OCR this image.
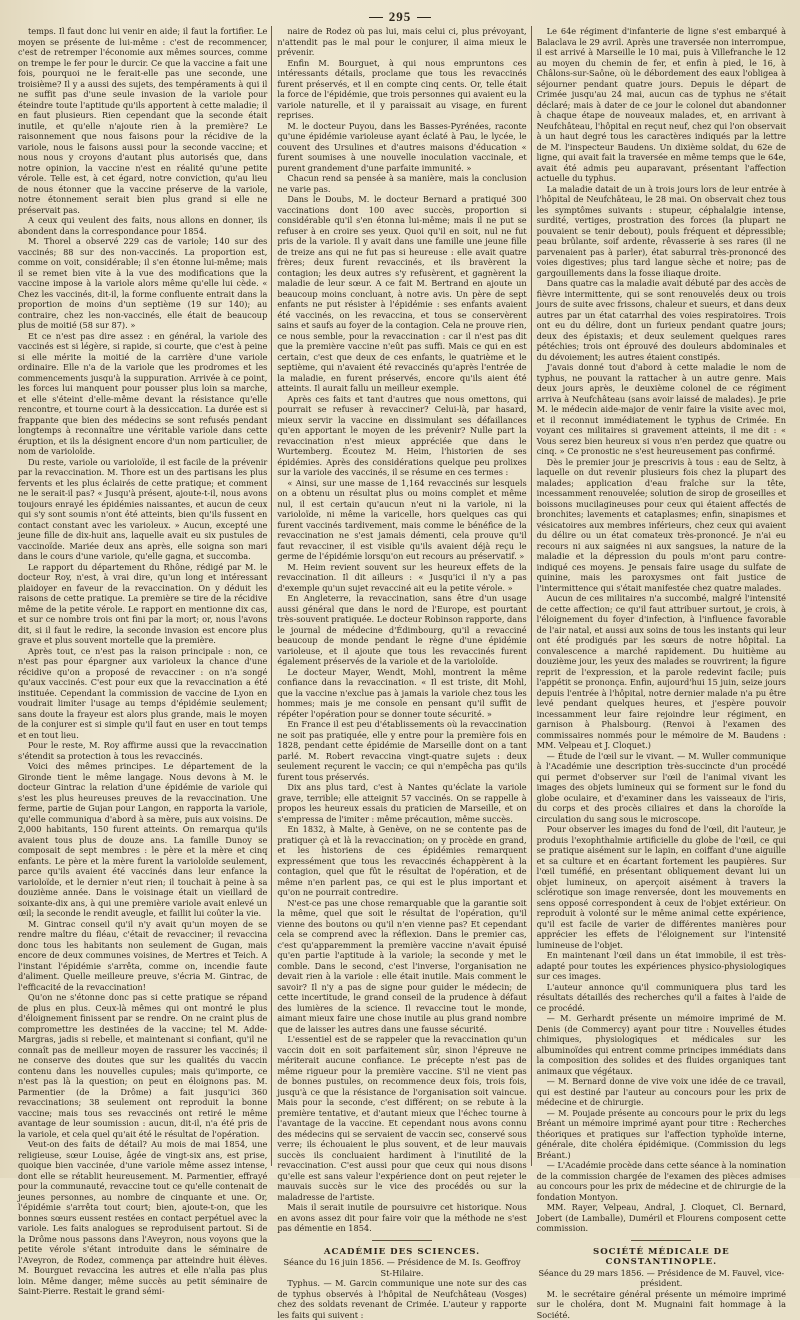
295

temps. Il faut donc lui venir en aide; il faut la fortifier. Le moyen se présente de lui-même : c'est de recommencer, c'est de retremper l'économie aux mêmes sources, comme on trempe le fer pour le durcir. Ce que la vaccine a fait une fois, pourquoi ne le ferait-elle pas une seconde, une troisième? Il y a aussi des sujets, des tempéraments à qui il ne suffit pas d'une seule invasion de la variole pour éteindre toute l'aptitude qu'ils apportent à cette maladie; il en faut plusieurs. Rien cependant que la seconde était inutile, et qu'elle n'ajoute rien à la première? Le raisonnement que nous faisons pour la récidive de la variole, nous le faisons aussi pour la seconde vaccine; et nous nous y croyons d'autant plus autorisés que, dans notre opinion, la vaccine n'est en réalité qu'une petite vérole. Telle est, à cet égard, notre conviction, qu'au lieu de nous étonner que la vaccine préserve de la variole, notre étonnement serait bien plus grand si elle ne préservait pas.

A ceux qui veulent des faits, nous allons en donner, ils abondent dans la correspondance pour 1854.

M. Thorel a observé 229 cas de variole; 140 sur des vaccinés; 88 sur des non-vaccinés. La proportion est, comme on voit, considérable; il s'en étonne lui-même; mais il se remet bien vite à la vue des modifications que la vaccine impose à la variole alors même qu'elle lui cède. « Chez les vaccinés, dit-il, la forme confluente entrait dans la proportion de moins d'un septième (19 sur 140); au contraire, chez les non-vaccinés, elle était de beaucoup plus de moitié (58 sur 87). »

Et ce n'est pas dire assez : en général, la variole des vaccinés est si légère, si rapide, si courte, que c'est à peine si elle mérite la moitié de la carrière d'une variole ordinaire. Elle n'a de la variole que les prodromes et les commencements jusqu'à la suppuration. Arrivée à ce point, les forces lui manquent pour pousser plus loin sa marche, et elle s'éteint d'elle-même devant la résistance qu'elle rencontre, et tourne court à la dessiccation. La durée est si frappante que bien des médecins se sont refusés pendant longtemps à reconnaître une véritable variole dans cette éruption, et ils la désignent encore d'un nom particulier, de nom de varioloïde.

Du reste, variole ou varioloïde, il est facile de la prévenir par la revaccination. M. Thore est un des partisans les plus fervents et les plus éclairés de cette pratique; et comment ne le serait-il pas? « Jusqu'à présent, ajoute-t-il, nous avons toujours enrayé les épidémies naissantes, et aucun de ceux qui s'y sont soumis n'ont été atteints, bien qu'ils fussent en contact constant avec les varioleux. » Aucun, excepté une jeune fille de dix-huit ans, laquelle avait eu six pustules de vaccinoïde. Mariée deux ans après, elle soigna son mari dans le cours d'une variole, qu'elle gagna, et succomba.

Le rapport du département du Rhône, rédigé par M. le docteur Roy, n'est, à vrai dire, qu'un long et intéressant plaidoyer en faveur de la revaccination. On y déduit les raisons de cette pratique. La première se tire de la récidive même de la petite vérole. Le rapport en mentionne dix cas, et sur ce nombre trois ont fini par la mort; or, nous l'avons dit, si il faut le redire, la seconde invasion est encore plus grave et plus souvent mortelle que la première.

Après tout, ce n'est pas la raison principale : non, ce n'est pas pour épargner aux varioleux la chance d'une récidive qu'on a proposé de revacciner : on n'a songé qu'aux vaccinés. C'est pour eux que la revaccination a été instituée. Cependant la commission de vaccine de Lyon en voudrait limiter l'usage au temps d'épidémie seulement; sans doute la frayeur est alors plus grande, mais le moyen de la conjurer est si simple qu'il faut en user en tout temps et en tout lieu.

Pour le reste, M. Roy affirme aussi que la revaccination s'étendit sa protection à tous les revaccinés.

Voici des mêmes principes. Le département de la Gironde tient le même langage. Nous devons à M. le docteur Gintrac la relation d'une épidémie de variole qui s'est les plus heureuses preuves de la revaccination. Une ferme, partie de Gujan pour Langon, en rapporta la variole, qu'elle communiqua d'abord à sa mère, puis aux voisins. De 2,000 habitants, 150 furent atteints. On remarqua qu'ils avaient tous plus de douze ans. La famille Dunoy se composait de sept membres : le père et la mère et cinq enfants. Le père et la mère furent la varioloïde seulement, parce qu'ils avaient été vaccinés dans leur enfance la varioloïde, et le dernier n'eut rien; il touchait à peine à sa douzième année. Dans le voisinage était un vieillard de soixante-dix ans, à qui une première variole avait enlevé un œil; la seconde le rendit aveugle, et faillit lui coûter la vie.

M. Gintrac conseil qu'il n'y avait qu'un moyen de se rendre maître du fléau, c'était de revacciner; il revaccina donc tous les habitants non seulement de Gugan, mais encore de deux communes voisines, de Mertres et Teich. A l'instant l'épidémie s'arrêta, comme on, incendie faute d'aliment. Quelle meilleure preuve, s'écria M. Gintrac, de l'efficacité de la revaccination!

Qu'on ne s'étonne donc pas si cette pratique se répand de plus en plus. Ceux-là mêmes qui ont montré le plus d'éloignement finissent par se rendre. On ne craint plus de compromettre les destinées de la vaccine; tel M. Adde-Margras, jadis si rebelle, et maintenant si confiant, qu'il ne connaît pas de meilleur moyen de rassurer les vaccinés; il ne conserve des doutes que sur les qualités du vaccin contenu dans les nouvelles cupules; mais qu'importe, ce n'est pas là la question; on peut en éloignons pas. M. Parmentier (de la Drôme) a fait jusqu'ici 360 revaccinations; 38 seulement ont reproduit la bonne vaccine; mais tous ses revaccinés ont retiré le même avantage de leur soumission : aucun, dit-il, n'a été pris de la variole, et cela quel qu'ait été le résultat de l'opération.

Veut-on des faits de détail? Au mois de mai 1854, une religieuse, sœur Louise, âgée de vingt-six ans, est prise, quoique bien vaccinée, d'une variole même assez intense, dont elle se rétablit heureusement. M. Parmentier, effrayé pour la communauté, revaccine tout ce qu'elle contenait de jeunes personnes, au nombre de cinquante et une. Or, l'épidémie s'arrêta tout court; bien, ajoute-t-on, que les bonnes sœurs eussent restées en contact perpétuel avec la variole. Les faits analogues se reproduisent partout. Si de la Drôme nous passons dans l'Aveyron, nous voyons que la petite vérole s'étant introduite dans le séminaire de l'Aveyron, de Rodez, commença par atteindre huit élèves. M. Bourguet revaccina les autres et elle n'alla pas plus loin. Même danger, même succès au petit séminaire de Saint-Pierre. Restait le grand sémi-

naire de Rodez où pas lui, mais celui ci, plus prévoyant, n'attendit pas le mal pour le conjurer, il aima mieux le prévenir.

Enfin M. Bourguet, à qui nous empruntons ces intéressants détails, proclame que tous les revaccinés furent préservés, et il en compte cinq cents. Or, telle était la force de l'épidémie, que trois personnes qui avaient eu la variole naturelle, et il y paraissait au visage, en furent reprises.

M. le docteur Puyou, dans les Basses-Pyrénées, raconte qu'une épidémie varioleuse ayant éclaté à Pau, le lycée, le couvent des Ursulines et d'autres maisons d'éducation « furent soumises à une nouvelle inoculation vaccinale, et purent grandement d'une parfaite immunité. »

Chacun rend sa pensée à sa manière, mais la conclusion ne varie pas.

Dans le Doubs, M. le docteur Bernard a pratiqué 300 vaccinations dont 100 avec succès, proportion si considérable qu'il s'en étonna lui-même; mais il ne put se refuser à en croire ses yeux. Quoi qu'il en soit, nul ne fut pris de la variole. Il y avait dans une famille une jeune fille de treize ans qui ne fut pas si heureuse : elle avait quatre frères; deux furent revaccinés, et ils bravèrent la contagion; les deux autres s'y refusèrent, et gagnèrent la maladie de leur sœur. A ce fait M. Bertrand en ajoute un beaucoup moins concluant, à notre avis. Un père de sept enfants ne put résister à l'épidémie : ses enfants avaient été vaccinés, on les revaccina, et tous se conservèrent sains et saufs au foyer de la contagion. Cela ne prouve rien, ce nous semble, pour la revaccination : car il n'est pas dit que la première vaccine n'eût pas suffi. Mais ce qui en est certain, c'est que deux de ces enfants, le quatrième et le septième, qui n'avaient été revaccinés qu'après l'entrée de la maladie, en furent préservés, encore qu'ils aient été atteints. Il aurait fallu un meilleur exemple.

Après ces faits et tant d'autres que nous omettons, qui pourrait se refuser à revacciner? Celui-là, par hasard, mieux servir la vaccine en dissimulant ses défaillances qu'en apportant le moyen de les prévenir? Nulle part la revaccination n'est mieux appréciée que dans le Wurtemberg. Écoutez M. Heim, l'historien de ses épidémies. Après des considérations quelque peu prolixes sur la variole des vaccinés, il se résume en ces termes :

« Ainsi, sur une masse de 1,164 revaccinés sur lesquels on a obtenu un résultat plus ou moins complet et même nul, il est certain qu'aucun n'eut ni la variole, ni la varioloïde, ni même la varicelle, hors quelques cas qui furent vaccinés tardivement, mais comme le bénéfice de la revaccination ne s'est jamais démenti, cela prouve qu'il faut revacciner, il est visible qu'ils avaient déjà reçu le germe de l'épidémie lorsqu'on eut recours au préservatif. »

M. Heim revient souvent sur les heureux effets de la revaccination. Il dit ailleurs : « Jusqu'ici il n'y a pas d'exemple qu'un sujet revacciné ait eu la petite vérole. »

En Angleterre, la revaccination, sans être d'un usage aussi général que dans le nord de l'Europe, est pourtant très-souvent pratiquée. Le docteur Robinson rapporte, dans le journal de médecine d'Édimbourg, qu'il a revacciné beaucoup de monde pendant le règne d'une épidémie varioleuse, et il ajoute que tous les revaccinés furent également préservés de la variole et de la varioloïde.

Le docteur Mayer, Wendt, Mohl, montrent la même confiance dans la revaccination. « Il est triste, dit Mohl, que la vaccine n'exclue pas à jamais la variole chez tous les hommes; mais je me console en pensant qu'il suffit de répéter l'opération pour se donner toute sécurité. »

En France il est peu d'établissements où la revaccination ne soit pas pratiquée, elle y entre pour la première fois en 1828, pendant cette épidémie de Marseille dont on a tant parlé. M. Robert revaccina vingt-quatre sujets : deux seulement reçurent le vaccin; ce qui n'empêcha pas qu'ils furent tous préservés.

Dix ans plus tard, c'est à Nantes qu'éclate la variole grave, terrible; elle atteignit 57 vaccinés. On se rappelle à propos les heureux essais du praticien de Marseille, et on s'empressa de l'imiter : même précaution, même succès.

En 1832, à Malte, à Genève, on ne se contente pas de pratiquer çà et là la revaccination; on y procède en grand, et les historiens de ces épidémies remarquent expressément que tous les revaccinés échappèrent à la contagion, quel que fût le résultat de l'opération, et de même n'en parlent pas, ce qui est le plus important et qu'on ne pourrait contredire.

N'est-ce pas une chose remarquable que la garantie soit la même, quel que soit le résultat de l'opération, qu'il vienne des boutons ou qu'il n'en vienne pas? Et cependant cela se comprend avec la réflexion. Dans le premier cas, c'est qu'apparemment la première vaccine n'avait épuisé qu'en partie l'aptitude à la variole; la seconde y met le comble. Dans le second, c'est l'inverse, l'organisation ne devait rien à la variole : elle était inutile. Mais comment le savoir? Il n'y a pas de signe pour guider le médecin; de cette incertitude, le grand conseil de la prudence à défaut des lumières de la science. Il revaccine tout le monde, aimant mieux faire une chose inutile au plus grand nombre que de laisser les autres dans une fausse sécurité.

L'essentiel est de se rappeler que la revaccination qu'un vaccin doit en soit parfaitement sûr, sinon l'épreuve ne mériterait aucune confiance. Le précepte n'est pas de même rigueur pour la première vaccine. S'il ne vient pas de bonnes pustules, on recommence deux fois, trois fois, jusqu'à ce que la résistance de l'organisation soit vaincue. Mais pour la seconde, c'est différent; on se rebute à la première tentative, et d'autant mieux que l'échec tourne à l'avantage de la vaccine. Et cependant nous avons connu des médecins qui se servaient de vaccin sec, conservé sous verre; ils échouaient le plus souvent, et de leur mauvais succès ils concluaient hardiment à l'inutilité de la revaccination. C'est aussi pour que ceux qui nous disons qu'elle est sans valeur l'expérience dont on peut rejeter le mauvais succès sur le vice des procédés ou sur la maladresse de l'artiste.

Mais il serait inutile de poursuivre cet historique. Nous en avons assez dit pour faire voir que la méthode ne s'est pas démentie en 1854.

ACADÉMIE DES SCIENCES.

Séance du 16 juin 1856. — Présidence de M. Is. Geoffroy St-Hilaire.

Typhus. — M. Garcin communique une note sur des cas de typhus observés à l'hôpital de Neufchâteau (Vosges) chez des soldats revenant de Crimée. L'auteur y rapporte les faits qui suivent :

Le 64e régiment d'infanterie de ligne s'est embarqué à Balaclava le 29 avril. Après une traversée non interrompue, il est arrivé à Marseille le 10 mai, puis à Villefranche le 12 au moyen du chemin de fer, et enfin à pied, le 16, à Châlons-sur-Saône, où le débordement des eaux l'obligea à séjourner pendant quatre jours. Depuis le départ de Crimée jusqu'au 24 mai, aucun cas de typhus ne s'était déclaré; mais à dater de ce jour le colonel dut abandonner à chaque étape de nouveaux malades, et, en arrivant à Neufchâteau, l'hôpital en reçut neuf, chez qui l'on observait à un haut degré tous les caractères indiqués par la lettre de M. l'inspecteur Baudens. Un dixième soldat, du 62e de ligne, qui avait fait la traversée en même temps que le 64e, avait été admis peu auparavant, présentant l'affection actuelle du typhus.

La maladie datait de un à trois jours lors de leur entrée à l'hôpital de Neufchâteau, le 28 mai. On observait chez tous les symptômes suivants : stupeur, céphalalgie intense, surdité, vertiges, prostration des forces (la plupart ne pouvaient se tenir debout), pouls fréquent et dépressible; peau brûlante, soif ardente, rêvasserie à ses rares (il ne parvenaient pas à parler), état saburral très-prononcé des voies digestives; plus tard langue sèche et noire; pas de gargouillements dans la fosse iliaque droite.

Dans quatre cas la maladie avait débuté par des accès de fièvre intermittente, qui se sont renouvelés deux ou trois jours de suite avec frissons, chaleur et sueurs, et dans deux autres par un état catarrhal des voies respiratoires. Trois ont eu du délire, dont un furieux pendant quatre jours; deux des épistaxis; et deux seulement quelques rares pétéchies; trois ont éprouvé des douleurs abdominales et du dévoiement; les autres étaient constipés.

J'avais donné tout d'abord à cette maladie le nom de typhus, ne pouvant la rattacher à un autre genre. Mais deux jours après, le deuxième colonel de ce régiment arriva à Neufchâteau (sans avoir laissé de malades). Je prie M. le médecin aide-major de venir faire la visite avec moi, et il reconnut immédiatement le typhus de Crimée. En voyant ces militaires si gravement atteints, il me dit : « Vous serez bien heureux si vous n'en perdez que quatre ou cinq. » Ce pronostic ne s'est heureusement pas confirmé.

Dès le premier jour je prescrivis à tous : eau de Seltz, à laquelle on dut revenir plusieurs fois chez la plupart des malades; application d'eau fraîche sur la tête, incessamment renouvelée; solution de sirop de groseilles et boissons mucilagineuses pour ceux qui étaient affectés de bronchites; lavements et cataplasmes; enfin, sinapismes et vésicatoires aux membres inférieurs, chez ceux qui avaient du délire ou un état comateux très-prononcé. Je n'ai eu recours ni aux saignées ni aux sangsues, la nature de la maladie et la dépression du pouls m'ont paru contre-indiqué ces moyens. Je pensais faire usage du sulfate de quinine, mais les paroxysmes ont fait justice de l'intermittence qui s'était manifestée chez quatre malades.

Aucun de ces militaires n'a succombé, malgré l'intensité de cette affection; ce qu'il faut attribuer surtout, je crois, à l'éloignement du foyer d'infection, à l'influence favorable de l'air natal, et aussi aux soins de tous les instants qui leur ont été prodigués par les sœurs de notre hôpital. La convalescence a marché rapidement. Du huitième au douzième jour, les yeux des malades se rouvrirent; la figure reprit de l'expression, et la parole redevint facile; puis l'appétit se prononça. Enfin, aujourd'hui 15 juin, seize jours depuis l'entrée à l'hôpital, notre dernier malade n'a pu être levé pendant quelques heures, et j'espère pouvoir incessamment leur faire rejoindre leur régiment, en garnison à Phalsbourg. (Renvoi à l'examen des commissaires nommés pour le mémoire de M. Baudens : MM. Velpeau et J. Cloquet.)

— Étude de l'œil sur le vivant. — M. Wuller communique à l'Académie une description très-succincte d'un procédé qui permet d'observer sur l'œil de l'animal vivant les images des objets lumineux qui se forment sur le fond du globe oculaire, et d'examiner dans les vaisseaux de l'iris, du corps et des procès ciliaires et dans la choroïde la circulation du sang sous le microscope.

Pour observer les images du fond de l'œil, dit l'auteur, je produis l'exophthalmie artificielle du globe de l'œil, ce qui se pratique aisément sur le lapin, en coiffant d'une aiguille et sa culture et en écartant fortement les paupières. Sur l'œil tuméfié, en présentant obliquement devant lui un objet lumineux, on aperçoit aisément à travers la sclérotique son image renversée, dont les mouvements en sens opposé correspondent à ceux de l'objet extérieur. On reproduit à volonté sur le même animal cette expérience, qu'il est facile de varier de différentes manières pour apprécier les effets de l'éloignement sur l'intensité lumineuse de l'objet.

En maintenant l'œil dans un état immobile, il est très-adapté pour toutes les expériences physico-physiologiques sur ces images.

L'auteur annonce qu'il communiquera plus tard les résultats détaillés des recherches qu'il a faites à l'aide de ce procédé.

— M. Gerhardt présente un mémoire imprimé de M. Denis (de Commercy) ayant pour titre : Nouvelles études chimiques, physiologiques et médicales sur les albuminoïdes qui entrent comme principes immédiats dans la composition des solides et des fluides organiques tant animaux que végétaux.

— M. Bernard donne de vive voix une idée de ce travail, qui est destiné par l'auteur au concours pour les prix de médecine et de chirurgie.

— M. Poujade présente au concours pour le prix du legs Bréant un mémoire imprimé ayant pour titre : Recherches théoriques et pratiques sur l'affection typhoïde interne, générale, dite choléra épidémique. (Commission du legs Bréant.)

— L'Académie procède dans cette séance à la nomination de la commission chargée de l'examen des pièces admises au concours pour les prix de médecine et de chirurgie de la fondation Montyon.

MM. Rayer, Velpeau, Andral, J. Cloquet, Cl. Bernard, Jobert (de Lamballe), Duméril et Flourens composent cette commission.

SOCIÉTÉ MÉDICALE DE CONSTANTINOPLE.

Séance du 29 mars 1856. — Présidence de M. Fauvel, vice-président.

M. le secrétaire général présente un mémoire imprimé sur le choléra, dont M. Mugnaini fait hommage à la Société.
